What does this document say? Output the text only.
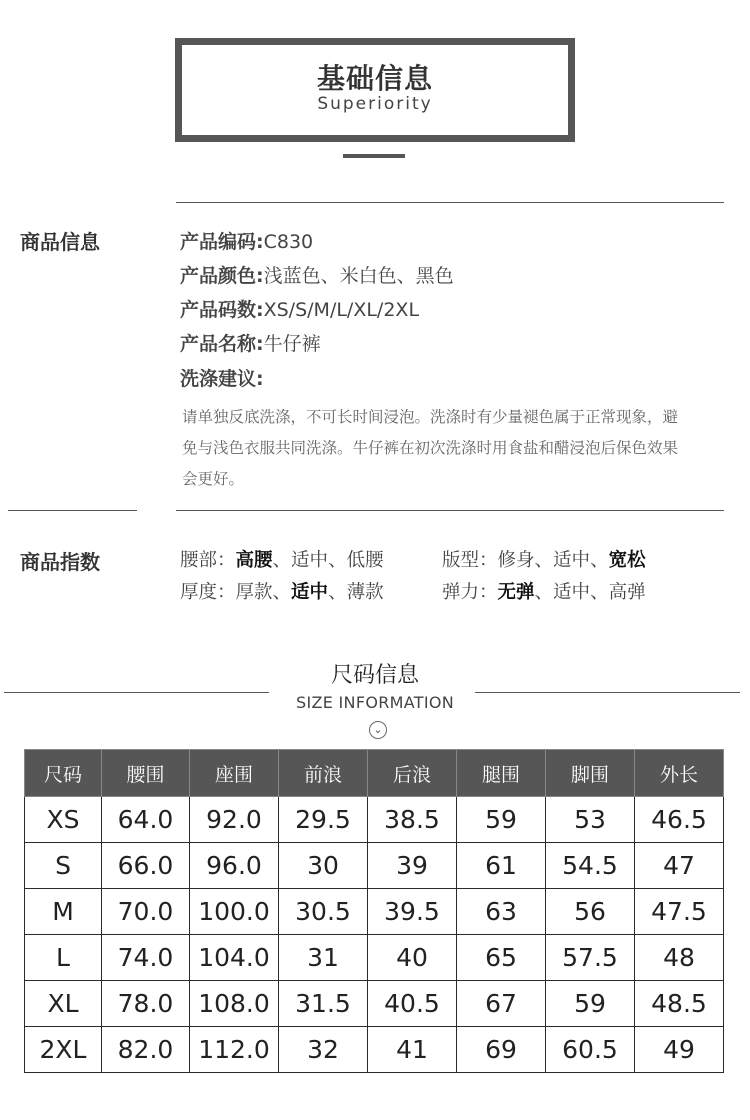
基础信息
Superiority
商品信息	产品编码:C830
产品颜色:浅蓝色、米白色、黑色
产品码数:XS/S/M/L/XL/2XL
产品名称:牛仔裤
洗涤建议:
请单独反底洗涤，不可长时间浸泡。洗涤时有少量褪色属于正常现象，避免与浅色衣服共同洗涤。牛仔裤在初次洗涤时用食盐和醋浸泡后保色效果会更好。
商品指数	腰部：高腰、适中、低腰	版型：修身、适中、宽松
厚度：厚款、适中、薄款	弹力：无弹、适中、高弹
尺码信息
SIZE INFORMATION
⌄
尺码	腰围	座围	前浪	后浪	腿围	脚围	外长
XS	64.0	92.0	29.5	38.5	59	53	46.5
S	66.0	96.0	30	39	61	54.5	47
M	70.0	100.0	30.5	39.5	63	56	47.5
L	74.0	104.0	31	40	65	57.5	48
XL	78.0	108.0	31.5	40.5	67	59	48.5
2XL	82.0	112.0	32	41	69	60.5	49
